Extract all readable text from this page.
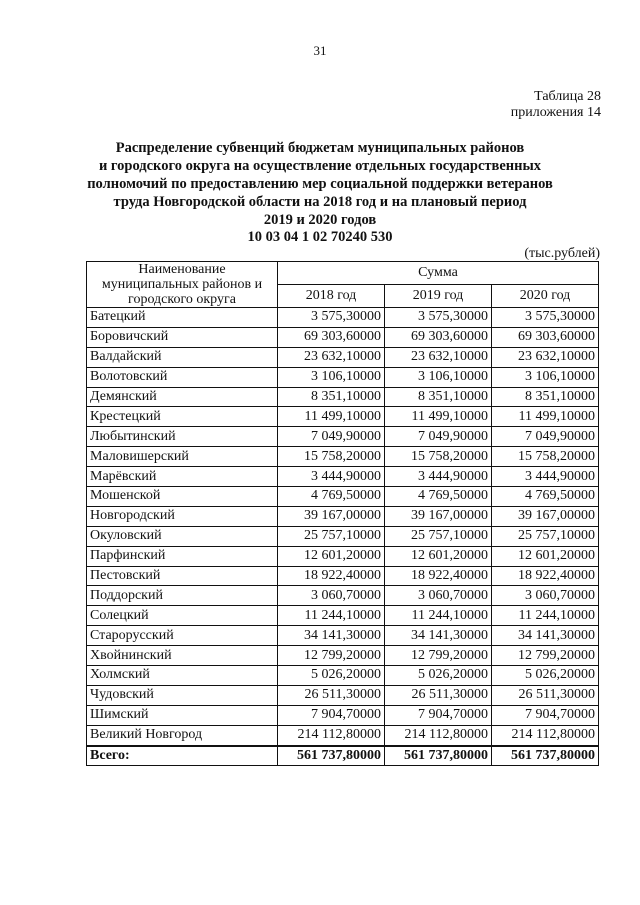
31
Таблица 28
приложения 14
Распределение субвенций бюджетам муниципальных районов
и городского округа на осуществление отдельных государственных
полномочий по предоставлению мер социальной поддержки ветеранов
труда Новгородской области на 2018 год и на плановый период
2019 и 2020 годов
10 03 04 1 02 70240 530
(тыс.рублей)
Наименование
муниципальных районов и
городского округа	Сумма		
	2018 год	2019 год	2020 год
Батецкий	3 575,30000	3 575,30000	3 575,30000
Боровичский	69 303,60000	69 303,60000	69 303,60000
Валдайский	23 632,10000	23 632,10000	23 632,10000
Волотовский	3 106,10000	3 106,10000	3 106,10000
Демянский	8 351,10000	8 351,10000	8 351,10000
Крестецкий	11 499,10000	11 499,10000	11 499,10000
Любытинский	7 049,90000	7 049,90000	7 049,90000
Маловишерский	15 758,20000	15 758,20000	15 758,20000
Марёвский	3 444,90000	3 444,90000	3 444,90000
Мошенской	4 769,50000	4 769,50000	4 769,50000
Новгородский	39 167,00000	39 167,00000	39 167,00000
Окуловский	25 757,10000	25 757,10000	25 757,10000
Парфинский	12 601,20000	12 601,20000	12 601,20000
Пестовский	18 922,40000	18 922,40000	18 922,40000
Поддорский	3 060,70000	3 060,70000	3 060,70000
Солецкий	11 244,10000	11 244,10000	11 244,10000
Старорусский	34 141,30000	34 141,30000	34 141,30000
Хвойнинский	12 799,20000	12 799,20000	12 799,20000
Холмский	5 026,20000	5 026,20000	5 026,20000
Чудовский	26 511,30000	26 511,30000	26 511,30000
Шимский	7 904,70000	7 904,70000	7 904,70000
Великий Новгород	214 112,80000	214 112,80000	214 112,80000
Всего:	561 737,80000	561 737,80000	561 737,80000
